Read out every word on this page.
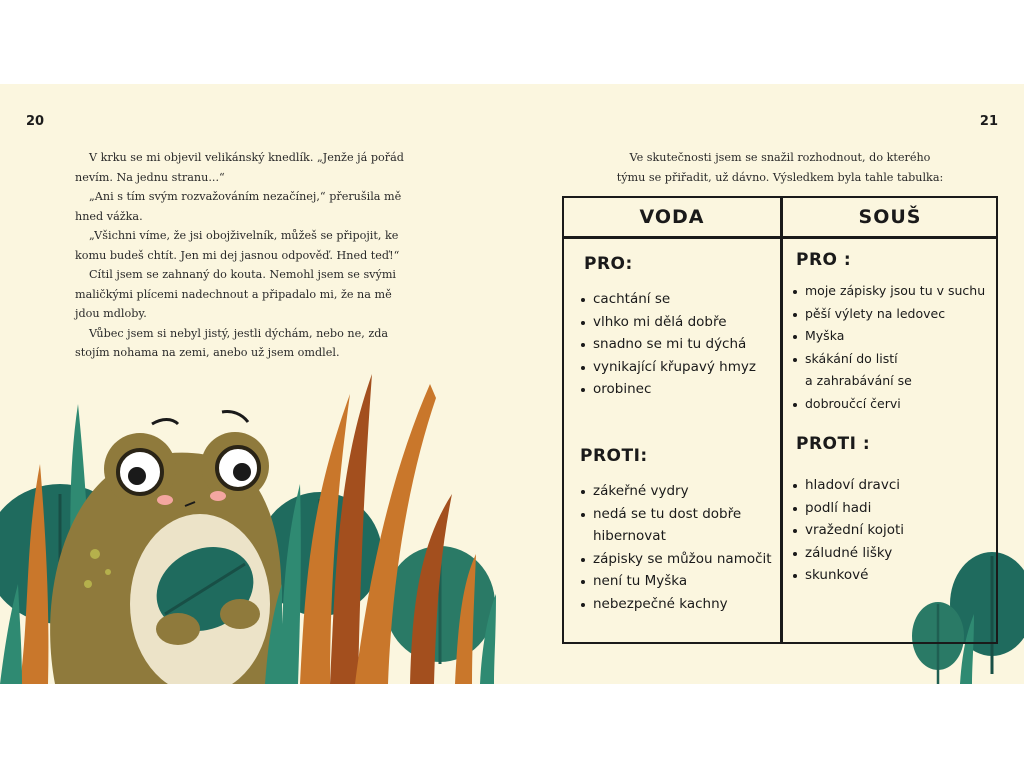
20	21

V krku se mi objevil velikánský knedlík. „Jenže já pořád nevím. Na jednu stranu...“

„Ani s tím svým rozvažováním nezačínej,“ přerušila mě hned vážka.

„Všichni víme, že jsi obojživelník, můžeš se připojit, ke komu budeš chtít. Jen mi dej jasnou odpověď. Hned teď!“

Cítil jsem se zahnaný do kouta. Nemohl jsem se svými maličkými plícemi nadechnout a připadalo mi, že na mě jdou mdloby.

Vůbec jsem si nebyl jistý, jestli dýchám, nebo ne, zda stojím nohama na zemi, anebo už jsem omdlel.

Ve skutečnosti jsem se snažil rozhodnout, do kterého

týmu se přiřadit, už dávno. Výsledkem byla tahle tabulka:

VODA	SOUŠ
PRO:
cachtání se
vlhko mi dělá dobře
snadno se mi tu dýchá
vynikající křupavý hmyz
orobinec
PROTI:
zákeřné vydry
nedá se tu dost dobře
hibernovat
zápisky se můžou namočit
není tu Myška
nebezpečné kachny
PRO :
moje zápisky jsou tu v suchu
pěší výlety na ledovec
Myška
skákání do listí
a zahrabávání se
dobroučcí červi
PROTI :
hladoví dravci
podlí hadi
vražední kojoti
záludné lišky
skunkové
